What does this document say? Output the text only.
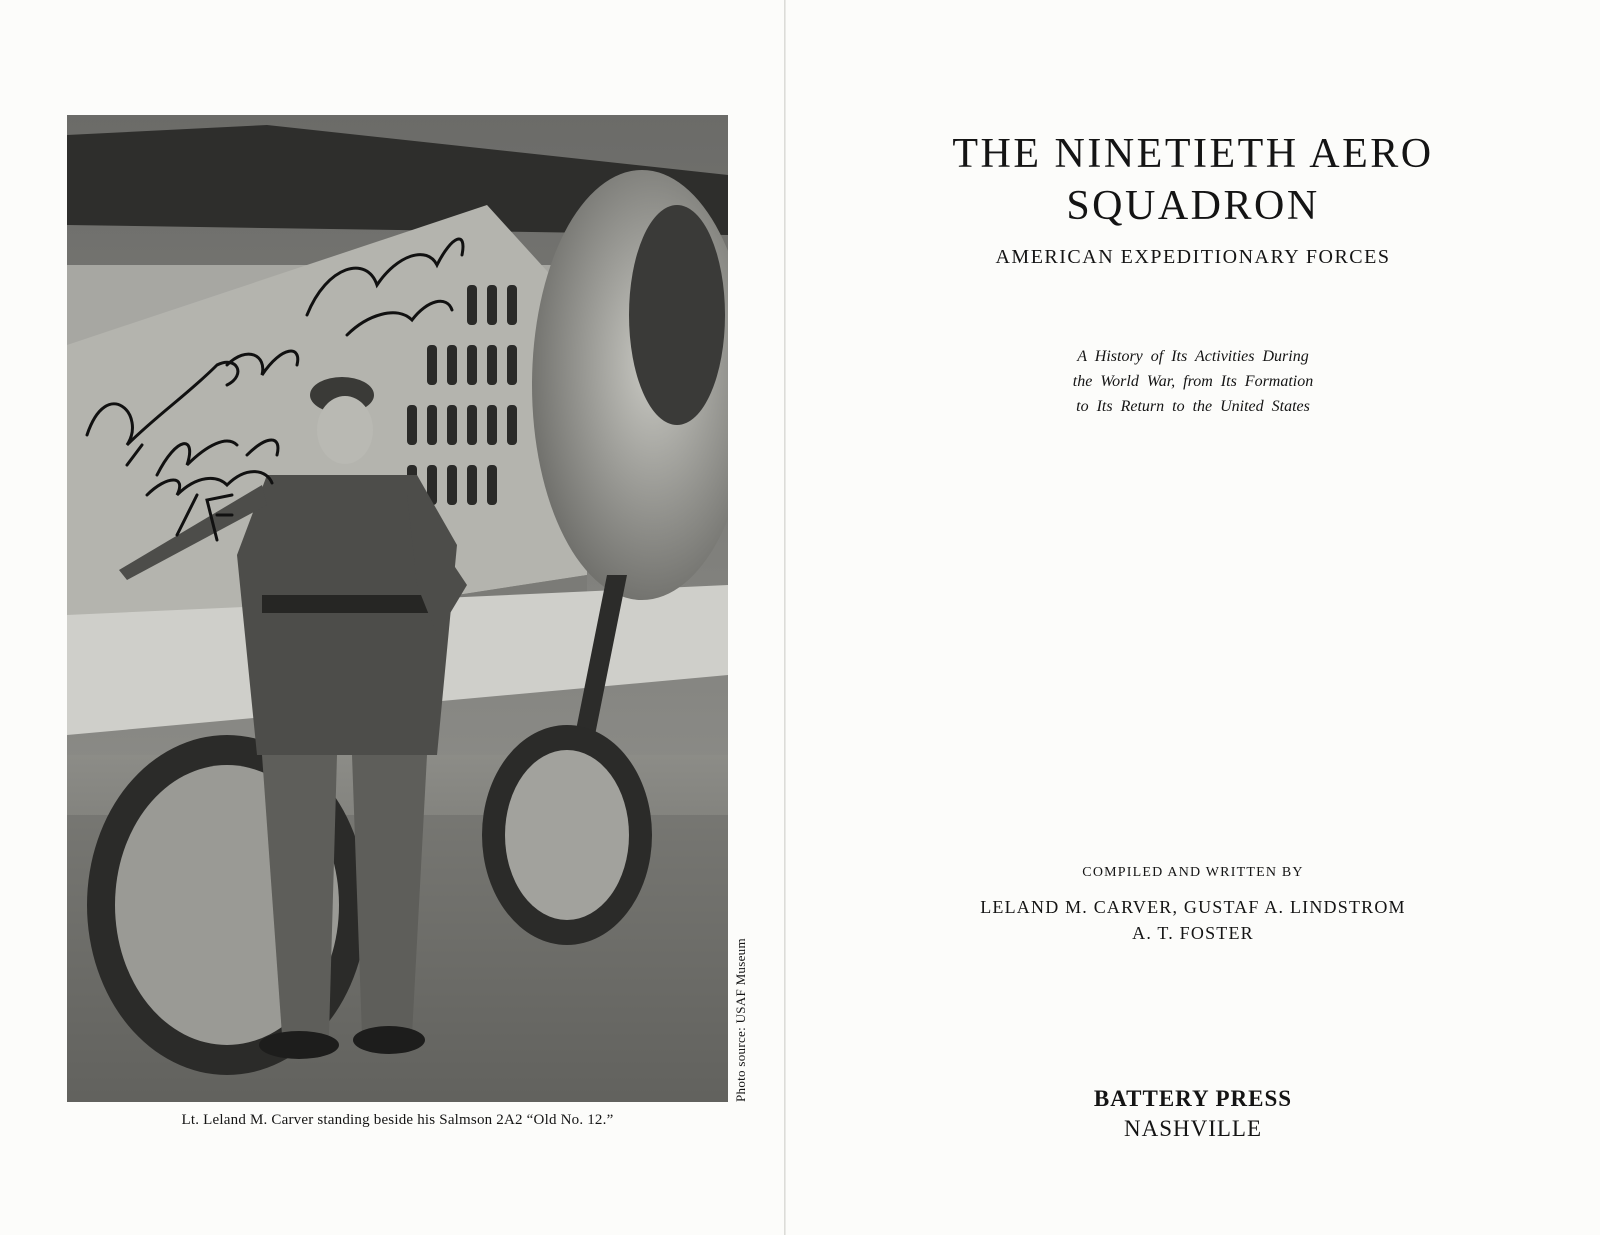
Photo source: USAF Museum
Lt. Leland M. Carver standing beside his Salmson 2A2 “Old No. 12.”
THE NINETIETH AERO
SQUADRON
AMERICAN EXPEDITIONARY FORCES
A History of Its Activities During
the World War, from Its Formation
to Its Return to the United States
COMPILED AND WRITTEN BY
LELAND M. CARVER, GUSTAF A. LINDSTROM
A. T. FOSTER
BATTERY PRESS
NASHVILLE
